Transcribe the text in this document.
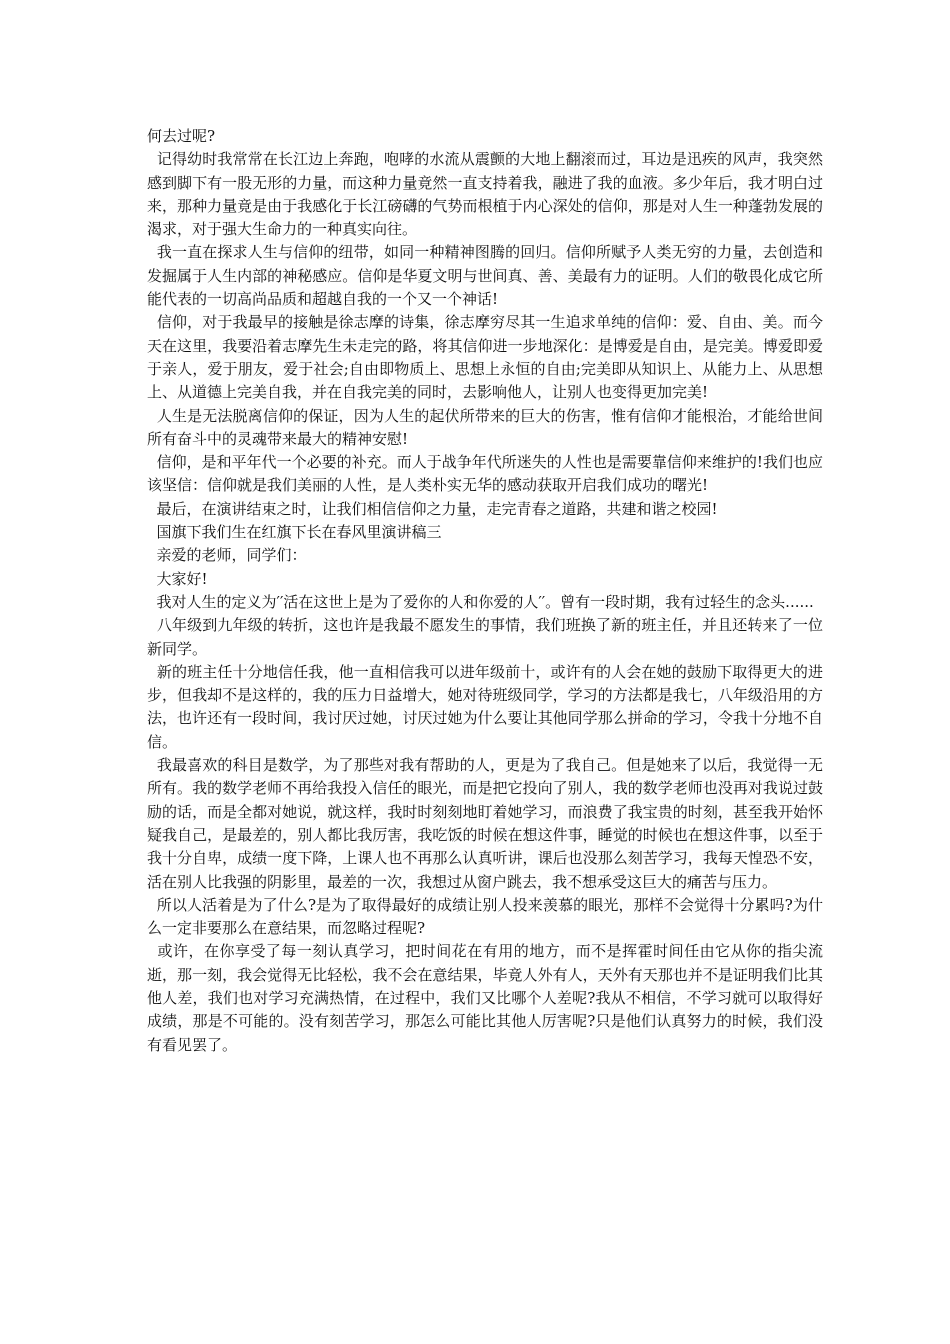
何去过呢?

记得幼时我常常在长江边上奔跑，咆哮的水流从震颤的大地上翻滚而过，耳边是迅疾的风声，我突然感到脚下有一股无形的力量，而这种力量竟然一直支持着我，融进了我的血液。多少年后，我才明白过来，那种力量竟是由于我感化于长江磅礴的气势而根植于内心深处的信仰，那是对人生一种蓬勃发展的渴求，对于强大生命力的一种真实向往。

我一直在探求人生与信仰的纽带，如同一种精神图腾的回归。信仰所赋予人类无穷的力量，去创造和发掘属于人生内部的神秘感应。信仰是华夏文明与世间真、善、美最有力的证明。人们的敬畏化成它所能代表的一切高尚品质和超越自我的一个又一个神话!

信仰，对于我最早的接触是徐志摩的诗集，徐志摩穷尽其一生追求单纯的信仰：爱、自由、美。而今天在这里，我要沿着志摩先生未走完的路，将其信仰进一步地深化：是博爱是自由，是完美。博爱即爱于亲人，爱于朋友，爱于社会;自由即物质上、思想上永恒的自由;完美即从知识上、从能力上、从思想上、从道德上完美自我，并在自我完美的同时，去影响他人，让别人也变得更加完美!

人生是无法脱离信仰的保证，因为人生的起伏所带来的巨大的伤害，惟有信仰才能根治，才能给世间所有奋斗中的灵魂带来最大的精神安慰!

信仰，是和平年代一个必要的补充。而人于战争年代所迷失的人性也是需要靠信仰来维护的!我们也应该坚信：信仰就是我们美丽的人性，是人类朴实无华的感动获取开启我们成功的曙光!

最后，在演讲结束之时，让我们相信信仰之力量，走完青春之道路，共建和谐之校园!

国旗下我们生在红旗下长在春风里演讲稿三

亲爱的老师，同学们：

大家好!

我对人生的定义为′′活在这世上是为了爱你的人和你爱的人′′。曾有一段时期，我有过轻生的念头......

八年级到九年级的转折，这也许是我最不愿发生的事情，我们班换了新的班主任，并且还转来了一位新同学。

新的班主任十分地信任我，他一直相信我可以进年级前十，或许有的人会在她的鼓励下取得更大的进步，但我却不是这样的，我的压力日益增大，她对待班级同学，学习的方法都是我七，八年级沿用的方法，也许还有一段时间，我讨厌过她，讨厌过她为什么要让其他同学那么拼命的学习，令我十分地不自信。

我最喜欢的科目是数学，为了那些对我有帮助的人，更是为了我自己。但是她来了以后，我觉得一无所有。我的数学老师不再给我投入信任的眼光，而是把它投向了别人，我的数学老师也没再对我说过鼓励的话，而是全都对她说，就这样，我时时刻刻地盯着她学习，而浪费了我宝贵的时刻，甚至我开始怀疑我自己，是最差的，别人都比我厉害，我吃饭的时候在想这件事，睡觉的时候也在想这件事，以至于我十分自卑，成绩一度下降，上课人也不再那么认真听讲，课后也没那么刻苦学习，我每天惶恐不安，活在别人比我强的阴影里，最差的一次，我想过从窗户跳去，我不想承受这巨大的痛苦与压力。

所以人活着是为了什么?是为了取得最好的成绩让别人投来羡慕的眼光，那样不会觉得十分累吗?为什么一定非要那么在意结果，而忽略过程呢?

或许，在你享受了每一刻认真学习，把时间花在有用的地方，而不是挥霍时间任由它从你的指尖流逝，那一刻，我会觉得无比轻松，我不会在意结果，毕竟人外有人，天外有天那也并不是证明我们比其他人差，我们也对学习充满热情，在过程中，我们又比哪个人差呢?我从不相信，不学习就可以取得好成绩，那是不可能的。没有刻苦学习，那怎么可能比其他人厉害呢?只是他们认真努力的时候，我们没有看见罢了。
